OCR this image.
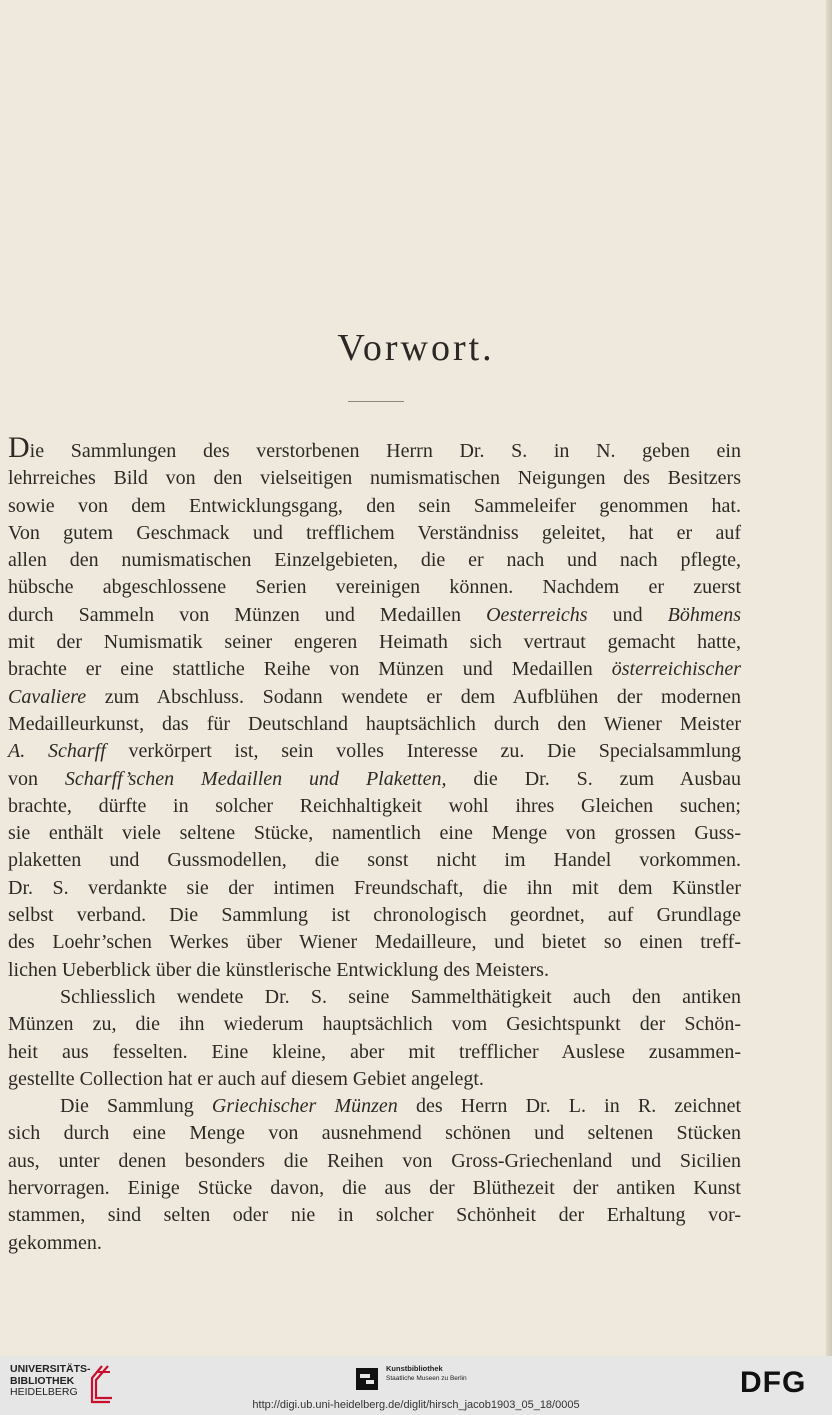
Vorwort.
Die Sammlungen des verstorbenen Herrn Dr. S. in N. geben ein
lehrreiches Bild von den vielseitigen numismatischen Neigungen des Besitzers
sowie von dem Entwicklungsgang, den sein Sammeleifer genommen hat.
Von gutem Geschmack und trefflichem Verständniss geleitet, hat er auf
allen den numismatischen Einzelgebieten, die er nach und nach pflegte,
hübsche abgeschlossene Serien vereinigen können. Nachdem er zuerst
durch Sammeln von Münzen und Medaillen Oesterreichs und Böhmens
mit der Numismatik seiner engeren Heimath sich vertraut gemacht hatte,
brachte er eine stattliche Reihe von Münzen und Medaillen österreichischer
Cavaliere zum Abschluss. Sodann wendete er dem Aufblühen der modernen
Medailleurkunst, das für Deutschland hauptsächlich durch den Wiener Meister
A. Scharff verkörpert ist, sein volles Interesse zu. Die Specialsammlung
von Scharff’schen Medaillen und Plaketten, die Dr. S. zum Ausbau
brachte, dürfte in solcher Reichhaltigkeit wohl ihres Gleichen suchen;
sie enthält viele seltene Stücke, namentlich eine Menge von grossen Guss-
plaketten und Gussmodellen, die sonst nicht im Handel vorkommen.
Dr. S. verdankte sie der intimen Freundschaft, die ihn mit dem Künstler
selbst verband. Die Sammlung ist chronologisch geordnet, auf Grundlage
des Loehr’schen Werkes über Wiener Medailleure, und bietet so einen treff-
lichen Ueberblick über die künstlerische Entwicklung des Meisters.
Schliesslich wendete Dr. S. seine Sammelthätigkeit auch den antiken
Münzen zu, die ihn wiederum hauptsächlich vom Gesichtspunkt der Schön-
heit aus fesselten. Eine kleine, aber mit trefflicher Auslese zusammen-
gestellte Collection hat er auch auf diesem Gebiet angelegt.
Die Sammlung Griechischer Münzen des Herrn Dr. L. in R. zeichnet
sich durch eine Menge von ausnehmend schönen und seltenen Stücken
aus, unter denen besonders die Reihen von Gross-Griechenland und Sicilien
hervorragen. Einige Stücke davon, die aus der Blüthezeit der antiken Kunst
stammen, sind selten oder nie in solcher Schönheit der Erhaltung vor-
gekommen.
UNIVERSITÄTS-
BIBLIOTHEK
HEIDELBERG
Kunstbibliothek
Staatliche Museen zu Berlin	DFG
http://digi.ub.uni-heidelberg.de/diglit/hirsch_jacob1903_05_18/0005
